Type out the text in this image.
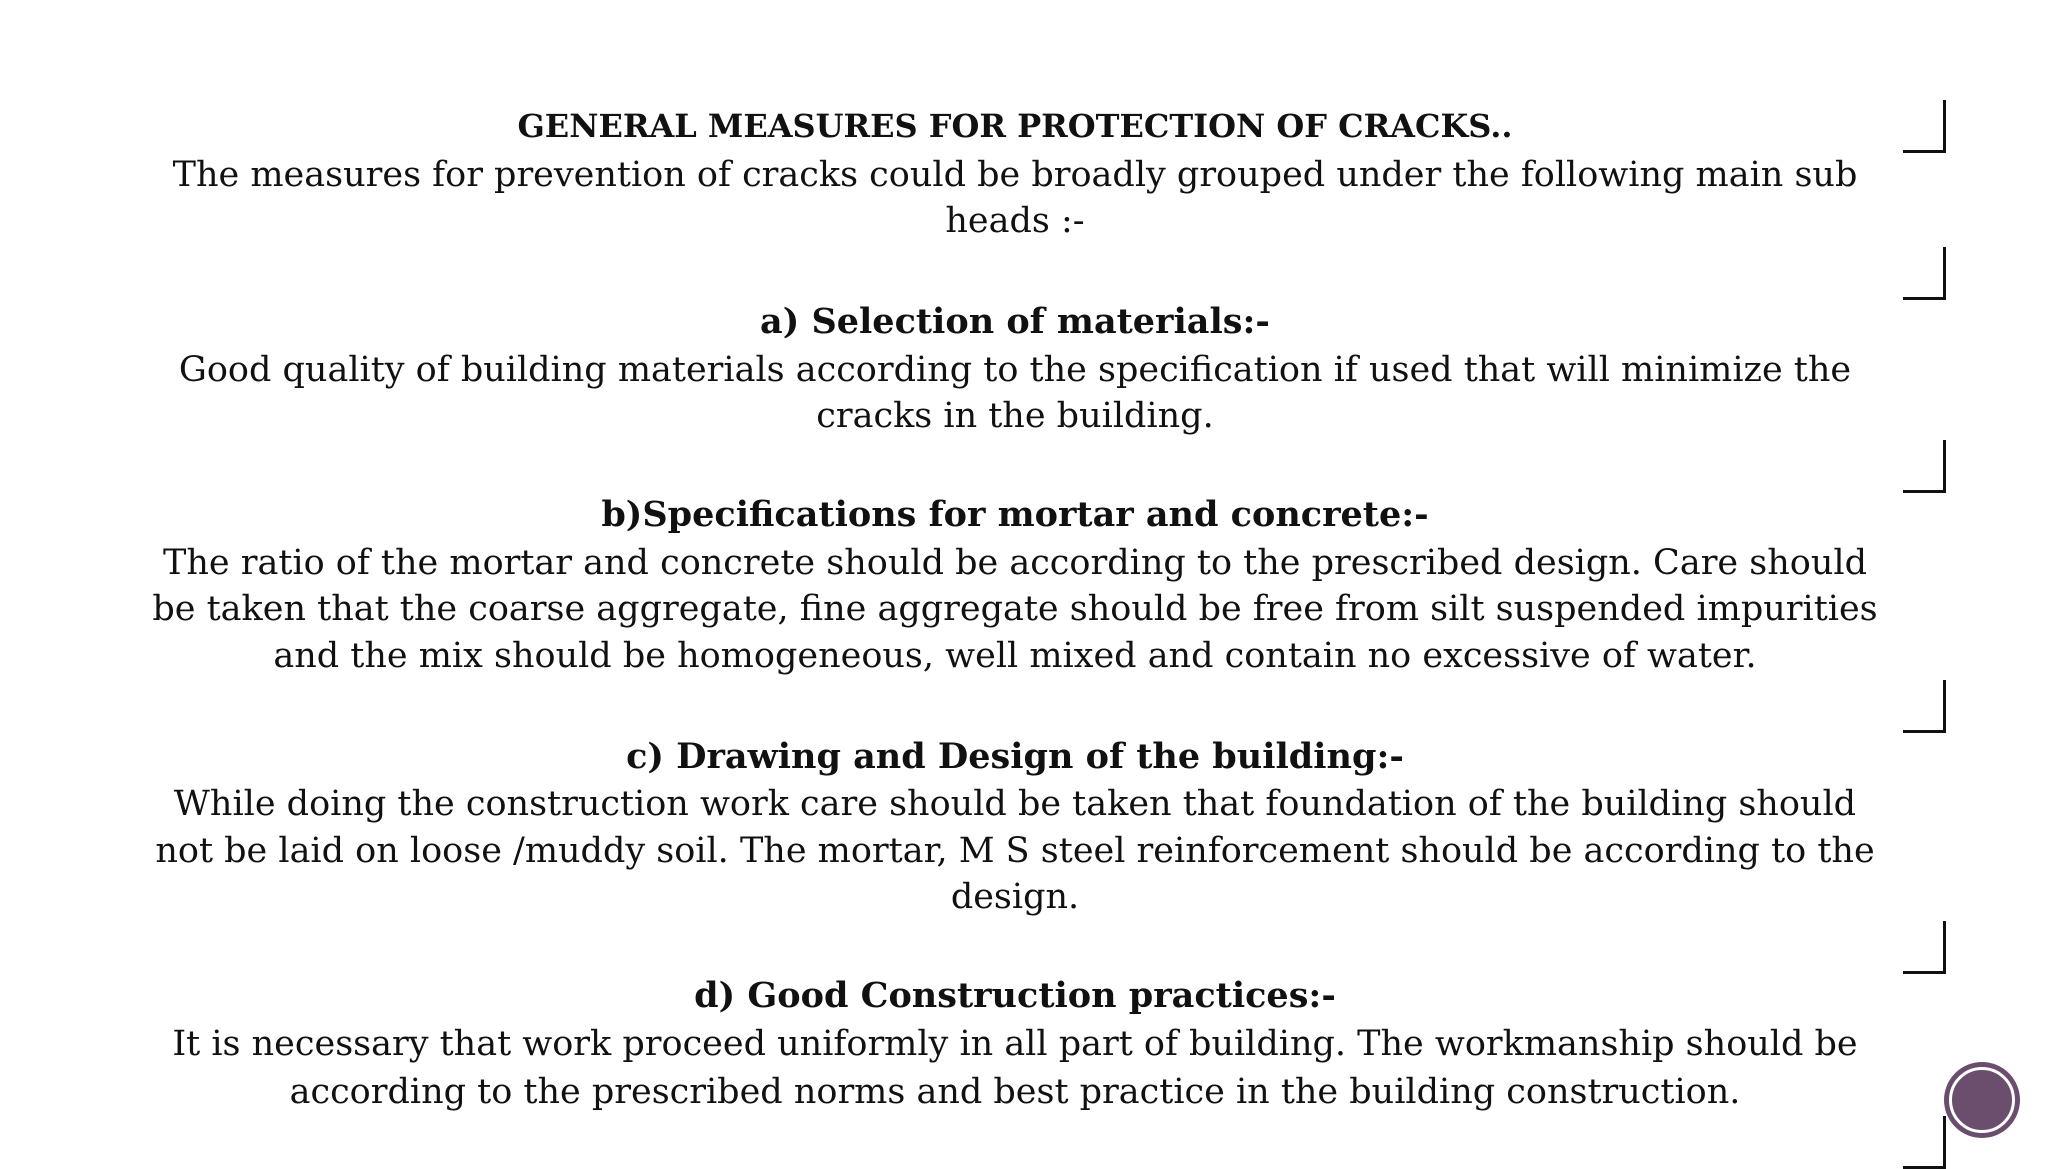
GENERAL MEASURES FOR PROTECTION OF CRACKS..
The measures for prevention of cracks could be broadly grouped under the following main sub
heads :-
a) Selection of materials:-
Good quality of building materials according to the specification if used that will minimize the
cracks in the building.
b)Specifications for mortar and concrete:-
The ratio of the mortar and concrete should be according to the prescribed design. Care should
be taken that the coarse aggregate, fine aggregate should be free from silt suspended impurities
and the mix should be homogeneous, well mixed and contain no excessive of water.
c) Drawing and Design of the building:-
While doing the construction work care should be taken that foundation of the building should
not be laid on loose /muddy soil. The mortar, M S steel reinforcement should be according to the
design.
d) Good Construction practices:-
It is necessary that work proceed uniformly in all part of building. The workmanship should be
according to the prescribed norms and best practice in the building construction.
